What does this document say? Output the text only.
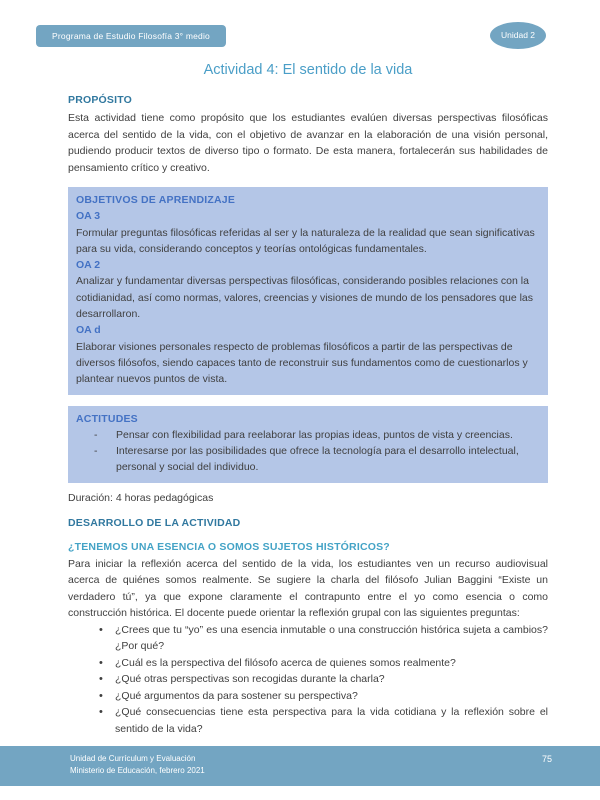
Programa de Estudio Filosofía 3° medio	Unidad 2
Actividad 4: El sentido de la vida
PROPÓSITO

Esta actividad tiene como propósito que los estudiantes evalúen diversas perspectivas filosóficas acerca del sentido de la vida, con el objetivo de avanzar en la elaboración de una visión personal, pudiendo producir textos de diverso tipo o formato. De esta manera, fortalecerán sus habilidades de pensamiento crítico y creativo.

OBJETIVOS DE APRENDIZAJE
OA 3

Formular preguntas filosóficas referidas al ser y la naturaleza de la realidad que sean significativas para su vida, considerando conceptos y teorías ontológicas fundamentales.

OA 2

Analizar y fundamentar diversas perspectivas filosóficas, considerando posibles relaciones con la cotidianidad, así como normas, valores, creencias y visiones de mundo de los pensadores que las desarrollaron.

OA d

Elaborar visiones personales respecto de problemas filosóficos a partir de las perspectivas de diversos filósofos, siendo capaces tanto de reconstruir sus fundamentos como de cuestionarlos y plantear nuevos puntos de vista.

ACTITUDES
-	Pensar con flexibilidad para reelaborar las propias ideas, puntos de vista y creencias.
-	Interesarse por las posibilidades que ofrece la tecnología para el desarrollo intelectual, personal y social del individuo.
Duración: 4 horas pedagógicas
DESARROLLO DE LA ACTIVIDAD
¿TENEMOS UNA ESENCIA O SOMOS SUJETOS HISTÓRICOS?

Para iniciar la reflexión acerca del sentido de la vida, los estudiantes ven un recurso audiovisual acerca de quiénes somos realmente. Se sugiere la charla del filósofo Julian Baggini “Existe un verdadero tú”, ya que expone claramente el contrapunto entre el yo como esencia o como construcción histórica. El docente puede orientar la reflexión grupal con las siguientes preguntas:

• ¿Crees que tu “yo” es una esencia inmutable o una construcción histórica sujeta a cambios? ¿Por qué?
• ¿Cuál es la perspectiva del filósofo acerca de quienes somos realmente?
• ¿Qué otras perspectivas son recogidas durante la charla?
• ¿Qué argumentos da para sostener su perspectiva?
• ¿Qué consecuencias tiene esta perspectiva para la vida cotidiana y la reflexión sobre el sentido de la vida?
Unidad de Currículum y Evaluación
Ministerio de Educación, febrero 2021
75
